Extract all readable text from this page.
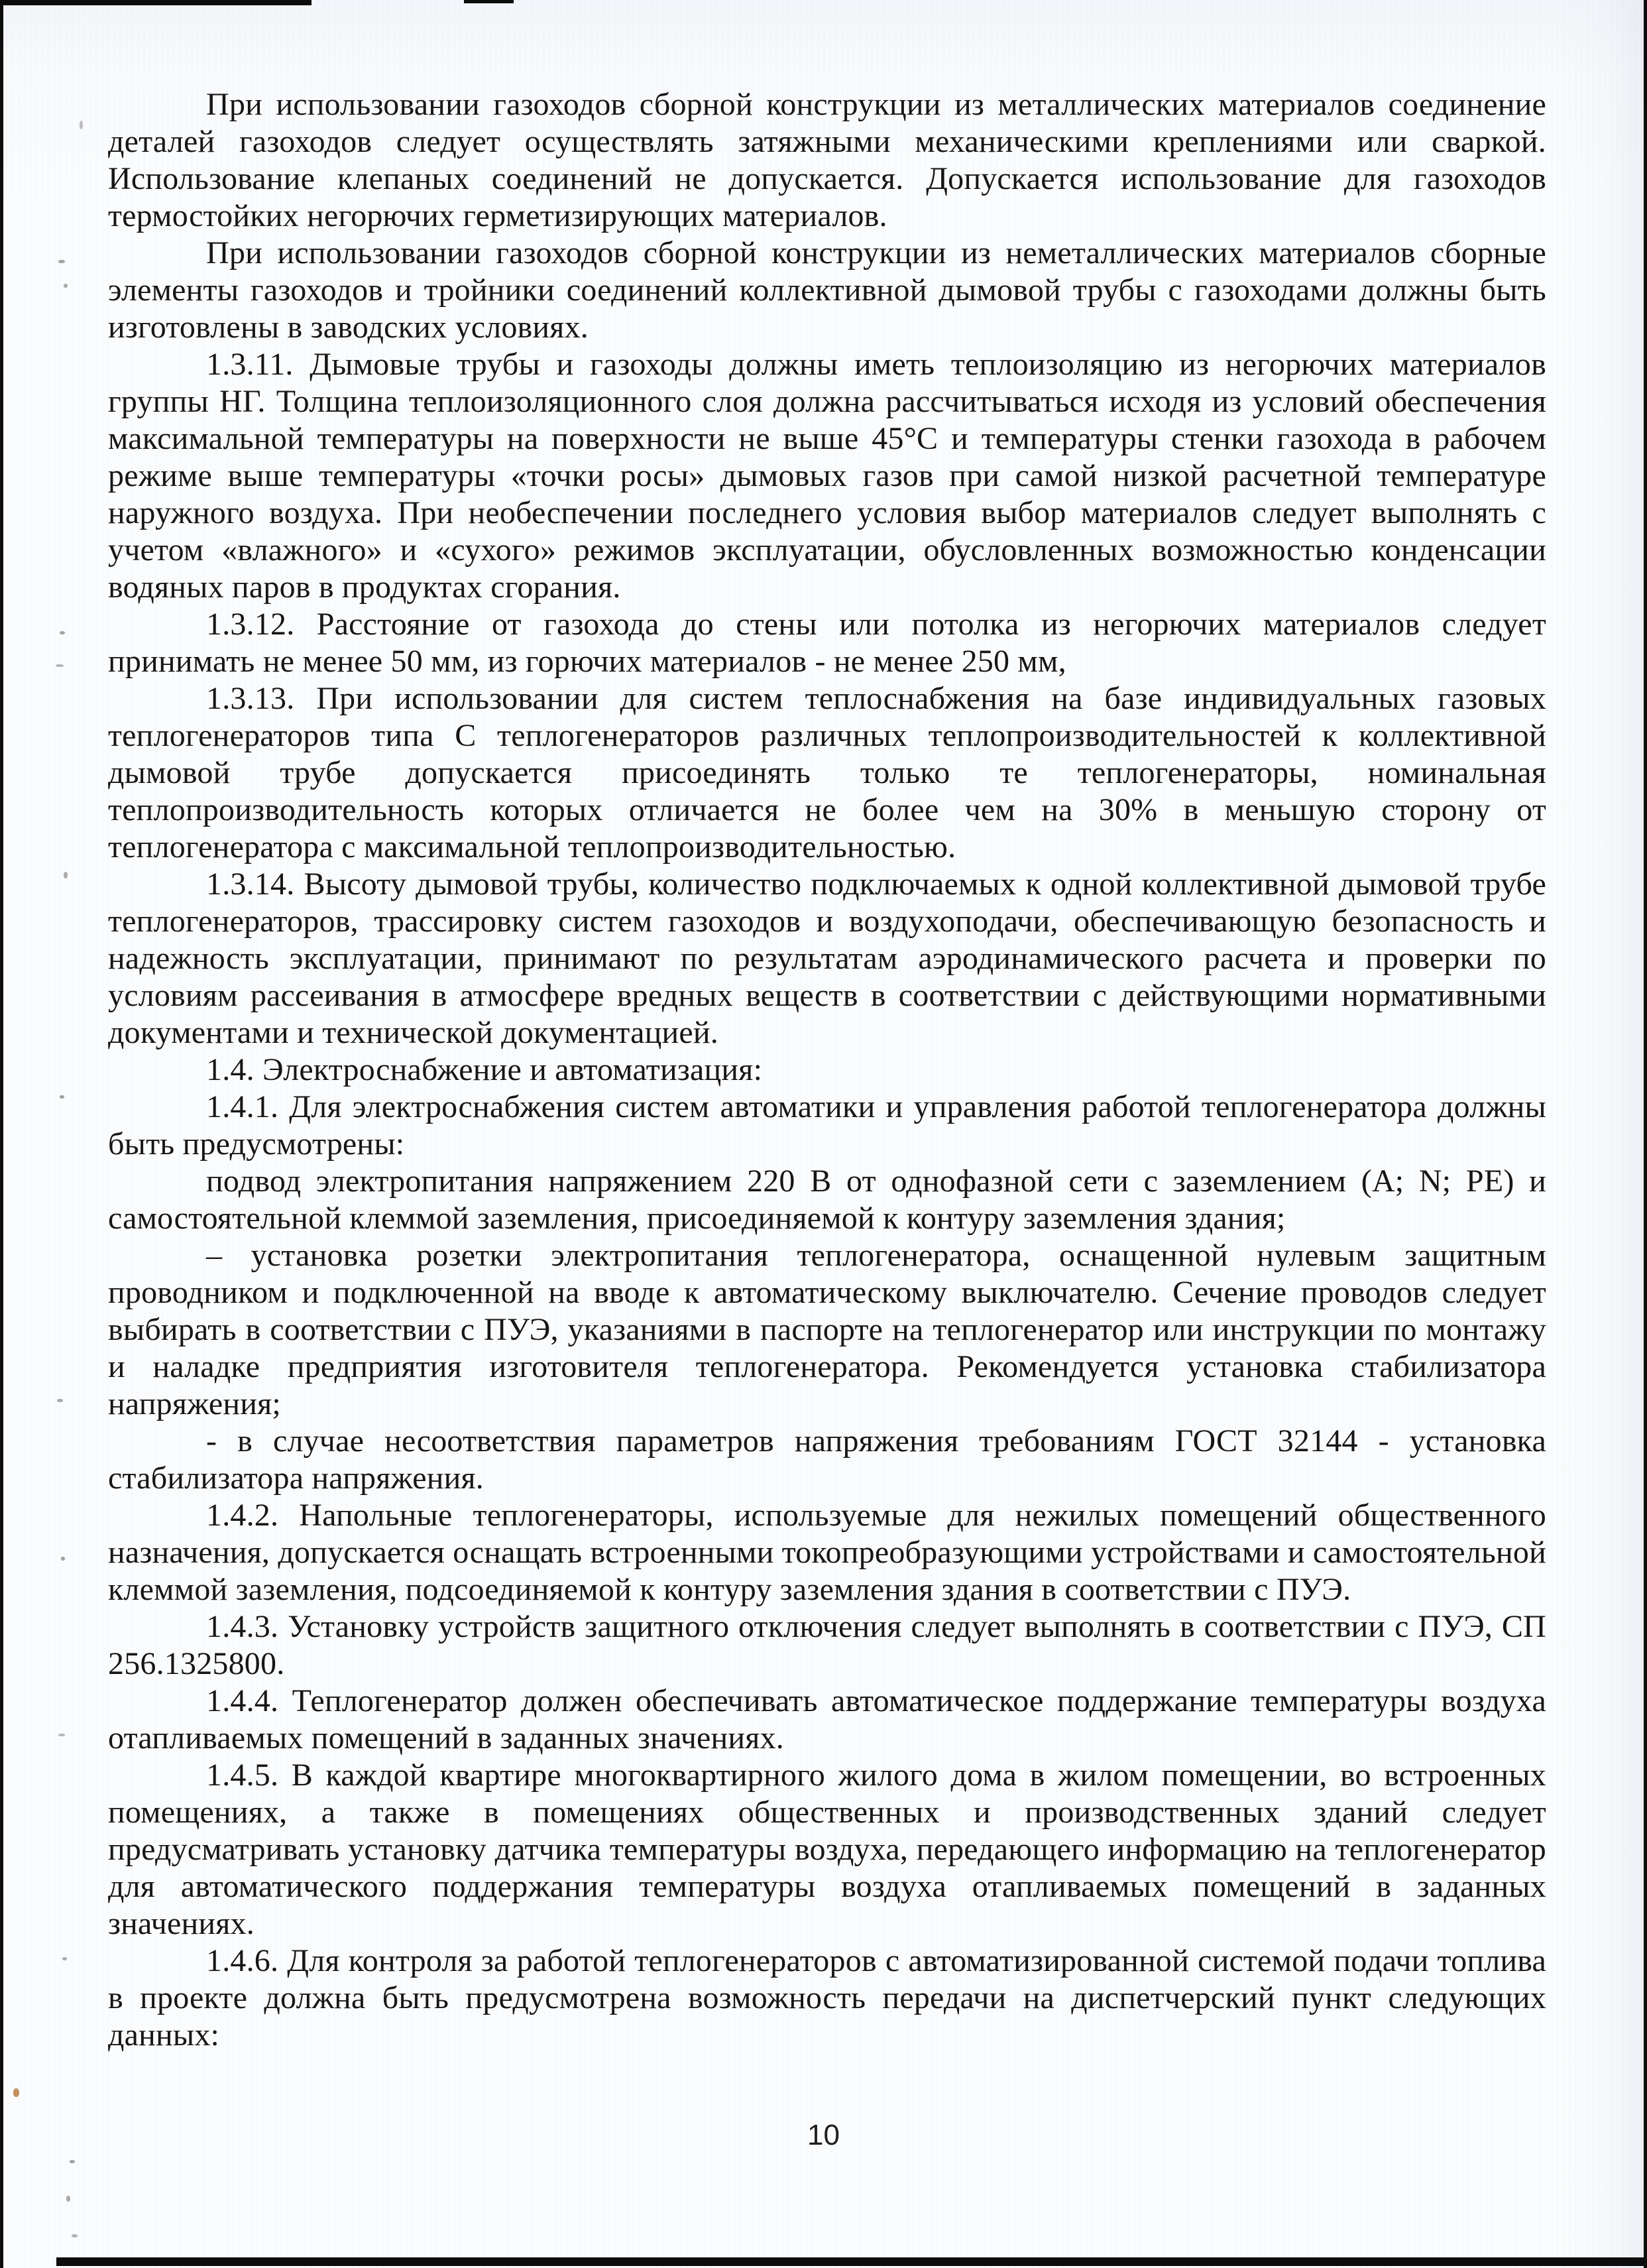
При использовании газоходов сборной конструкции из металлических материалов соединение деталей газоходов следует осуществлять затяжными механическими креплениями или сваркой. Использование клепаных соединений не допускается. Допускается использование для газоходов термостойких негорючих герметизирующих материалов.

При использовании газоходов сборной конструкции из неметаллических материалов сборные элементы газоходов и тройники соединений коллективной дымовой трубы с газоходами должны быть изготовлены в заводских условиях.

1.3.11. Дымовые трубы и газоходы должны иметь теплоизоляцию из негорючих материалов группы НГ. Толщина теплоизоляционного слоя должна рассчитываться исходя из условий обеспечения максимальной температуры на поверхности не выше 45°С и температуры стенки газохода в рабочем режиме выше температуры «точки росы» дымовых газов при самой низкой расчетной температуре наружного воздуха. При необеспечении последнего условия выбор материалов следует выполнять с учетом «влажного» и «сухого» режимов эксплуатации, обусловленных возможностью конденсации водяных паров в продуктах сгорания.

1.3.12. Расстояние от газохода до стены или потолка из негорючих материалов следует принимать не менее 50 мм, из горючих материалов - не менее 250 мм,

1.3.13. При использовании для систем теплоснабжения на базе индивидуальных газовых теплогенераторов типа С теплогенераторов различных теплопроизводительностей к коллективной дымовой трубе допускается присоединять только те теплогенераторы, номинальная теплопроизводительность которых отличается не более чем на 30% в меньшую сторону от теплогенератора с максимальной теплопроизводительностью.

1.3.14. Высоту дымовой трубы, количество подключаемых к одной коллективной дымовой трубе теплогенераторов, трассировку систем газоходов и воздухоподачи, обеспечивающую безопасность и надежность эксплуатации, принимают по результатам аэродинамического расчета и проверки по условиям рассеивания в атмосфере вредных веществ в соответствии с действующими нормативными документами и технической документацией.

1.4. Электроснабжение и автоматизация:

1.4.1. Для электроснабжения систем автоматики и управления работой теплогенератора должны быть предусмотрены:

подвод электропитания напряжением 220 В от однофазной сети с заземлением (А; N; РЕ) и самостоятельной клеммой заземления, присоединяемой к контуру заземления здания;

– установка розетки электропитания теплогенератора, оснащенной нулевым защитным проводником и подключенной на вводе к автоматическому выключателю. Сечение проводов следует выбирать в соответствии с ПУЭ, указаниями в паспорте на теплогенератор или инструкции по монтажу и наладке предприятия изготовителя теплогенератора. Рекомендуется установка стабилизатора напряжения;

- в случае несоответствия параметров напряжения требованиям ГОСТ 32144 - установка стабилизатора напряжения.

1.4.2. Напольные теплогенераторы, используемые для нежилых помещений общественного назначения, допускается оснащать встроенными токопреобразующими устройствами и самостоятельной клеммой заземления, подсоединяемой к контуру заземления здания в соответствии с ПУЭ.

1.4.3. Установку устройств защитного отключения следует выполнять в соответствии с ПУЭ, СП 256.1325800.

1.4.4. Теплогенератор должен обеспечивать автоматическое поддержание температуры воздуха отапливаемых помещений в заданных значениях.

1.4.5. В каждой квартире многоквартирного жилого дома в жилом помещении, во встроенных помещениях, а также в помещениях общественных и производственных зданий следует предусматривать установку датчика температуры воздуха, передающего информацию на теплогенератор для автоматического поддержания температуры воздуха отапливаемых помещений в заданных значениях.

1.4.6. Для контроля за работой теплогенераторов с автоматизированной системой подачи топлива в проекте должна быть предусмотрена возможность передачи на диспетчерский пункт следующих данных:

10
